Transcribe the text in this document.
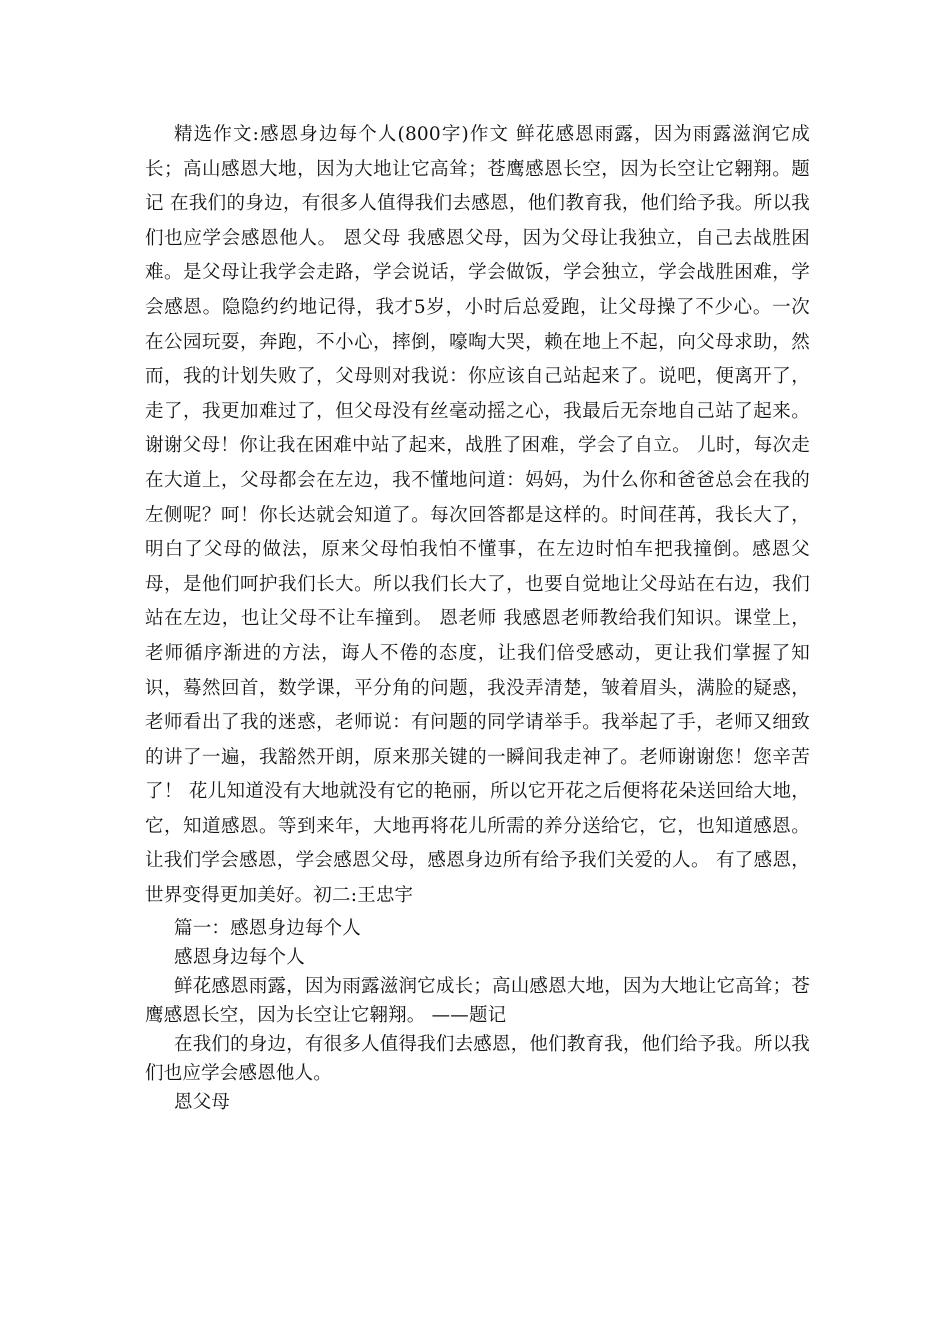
精选作文:感恩身边每个人(800字)作文 鲜花感恩雨露，因为雨露滋润它成长；高山感恩大地，因为大地让它高耸；苍鹰感恩长空，因为长空让它翱翔。题记 在我们的身边，有很多人值得我们去感恩，他们教育我，他们给予我。所以我们也应学会感恩他人。 恩父母 我感恩父母，因为父母让我独立，自己去战胜困难。是父母让我学会走路，学会说话，学会做饭，学会独立，学会战胜困难，学会感恩。隐隐约约地记得，我才5岁，小时后总爱跑，让父母操了不少心。一次在公园玩耍，奔跑，不小心，摔倒，嚎啕大哭，赖在地上不起，向父母求助，然而，我的计划失败了，父母则对我说：你应该自己站起来了。说吧，便离开了，走了，我更加难过了，但父母没有丝毫动摇之心，我最后无奈地自己站了起来。谢谢父母！你让我在困难中站了起来，战胜了困难，学会了自立。 儿时，每次走在大道上，父母都会在左边，我不懂地问道：妈妈，为什么你和爸爸总会在我的左侧呢？呵！你长达就会知道了。每次回答都是这样的。时间荏苒，我长大了，明白了父母的做法，原来父母怕我怕不懂事，在左边时怕车把我撞倒。感恩父母，是他们呵护我们长大。所以我们长大了，也要自觉地让父母站在右边，我们站在左边，也让父母不让车撞到。 恩老师 我感恩老师教给我们知识。课堂上，老师循序渐进的方法，诲人不倦的态度，让我们倍受感动，更让我们掌握了知识，蓦然回首，数学课，平分角的问题，我没弄清楚，皱着眉头，满脸的疑惑，老师看出了我的迷惑，老师说：有问题的同学请举手。我举起了手，老师又细致的讲了一遍，我豁然开朗，原来那关键的一瞬间我走神了。老师谢谢您！您辛苦了！ 花儿知道没有大地就没有它的艳丽，所以它开花之后便将花朵送回给大地，它，知道感恩。等到来年，大地再将花儿所需的养分送给它，它，也知道感恩。让我们学会感恩，学会感恩父母，感恩身边所有给予我们关爱的人。 有了感恩，世界变得更加美好。初二:王忠宇

篇一：感恩身边每个人

感恩身边每个人

鲜花感恩雨露，因为雨露滋润它成长；高山感恩大地，因为大地让它高耸；苍鹰感恩长空，因为长空让它翱翔。 ——题记

在我们的身边，有很多人值得我们去感恩，他们教育我，他们给予我。所以我们也应学会感恩他人。

恩父母
